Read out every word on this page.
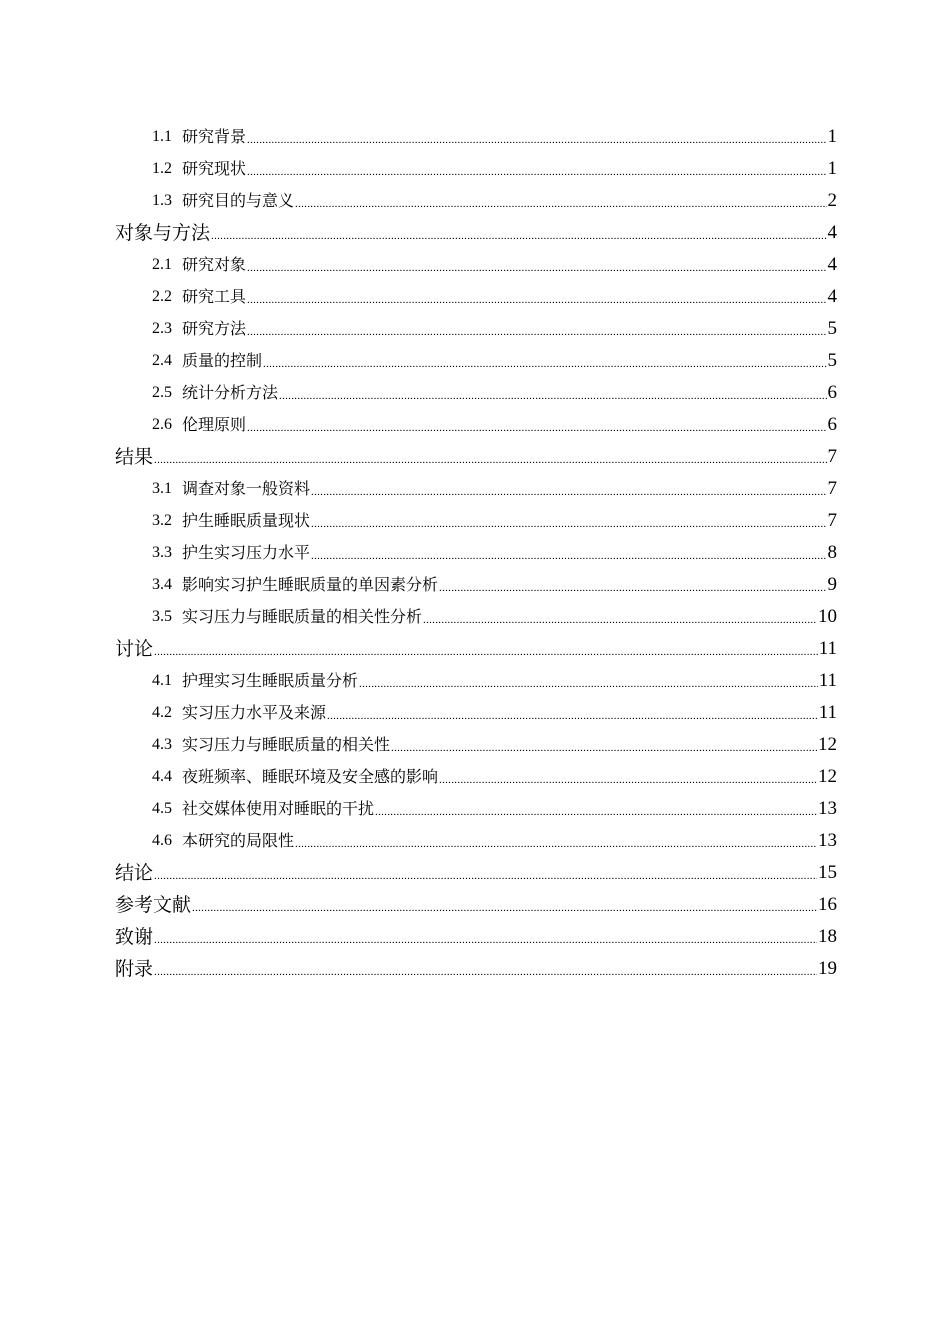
1.1 研究背景 .....	1
1.2 研究现状 .....	1
1.3 研究目的与意义 .....	2
对象与方法 .....	4
2.1 研究对象 .....	4
2.2 研究工具 .....	4
2.3 研究方法 .....	5
2.4 质量的控制 .....	5
2.5 统计分析方法 .....	6
2.6 伦理原则 .....	6
结果 .....	7
3.1 调查对象一般资料 .....	7
3.2 护生睡眠质量现状 .....	7
3.3 护生实习压力水平 .....	8
3.4 影响实习护生睡眠质量的单因素分析 .....	9
3.5 实习压力与睡眠质量的相关性分析 .....	10
讨论 .....	11
4.1 护理实习生睡眠质量分析 .....	11
4.2 实习压力水平及来源 .....	11
4.3 实习压力与睡眠质量的相关性 .....	12
4.4 夜班频率、睡眠环境及安全感的影响 .....	12
4.5 社交媒体使用对睡眠的干扰 .....	13
4.6 本研究的局限性 .....	13
结论 .....	15
参考文献 .....	16
致谢 .....	18
附录 .....	19
